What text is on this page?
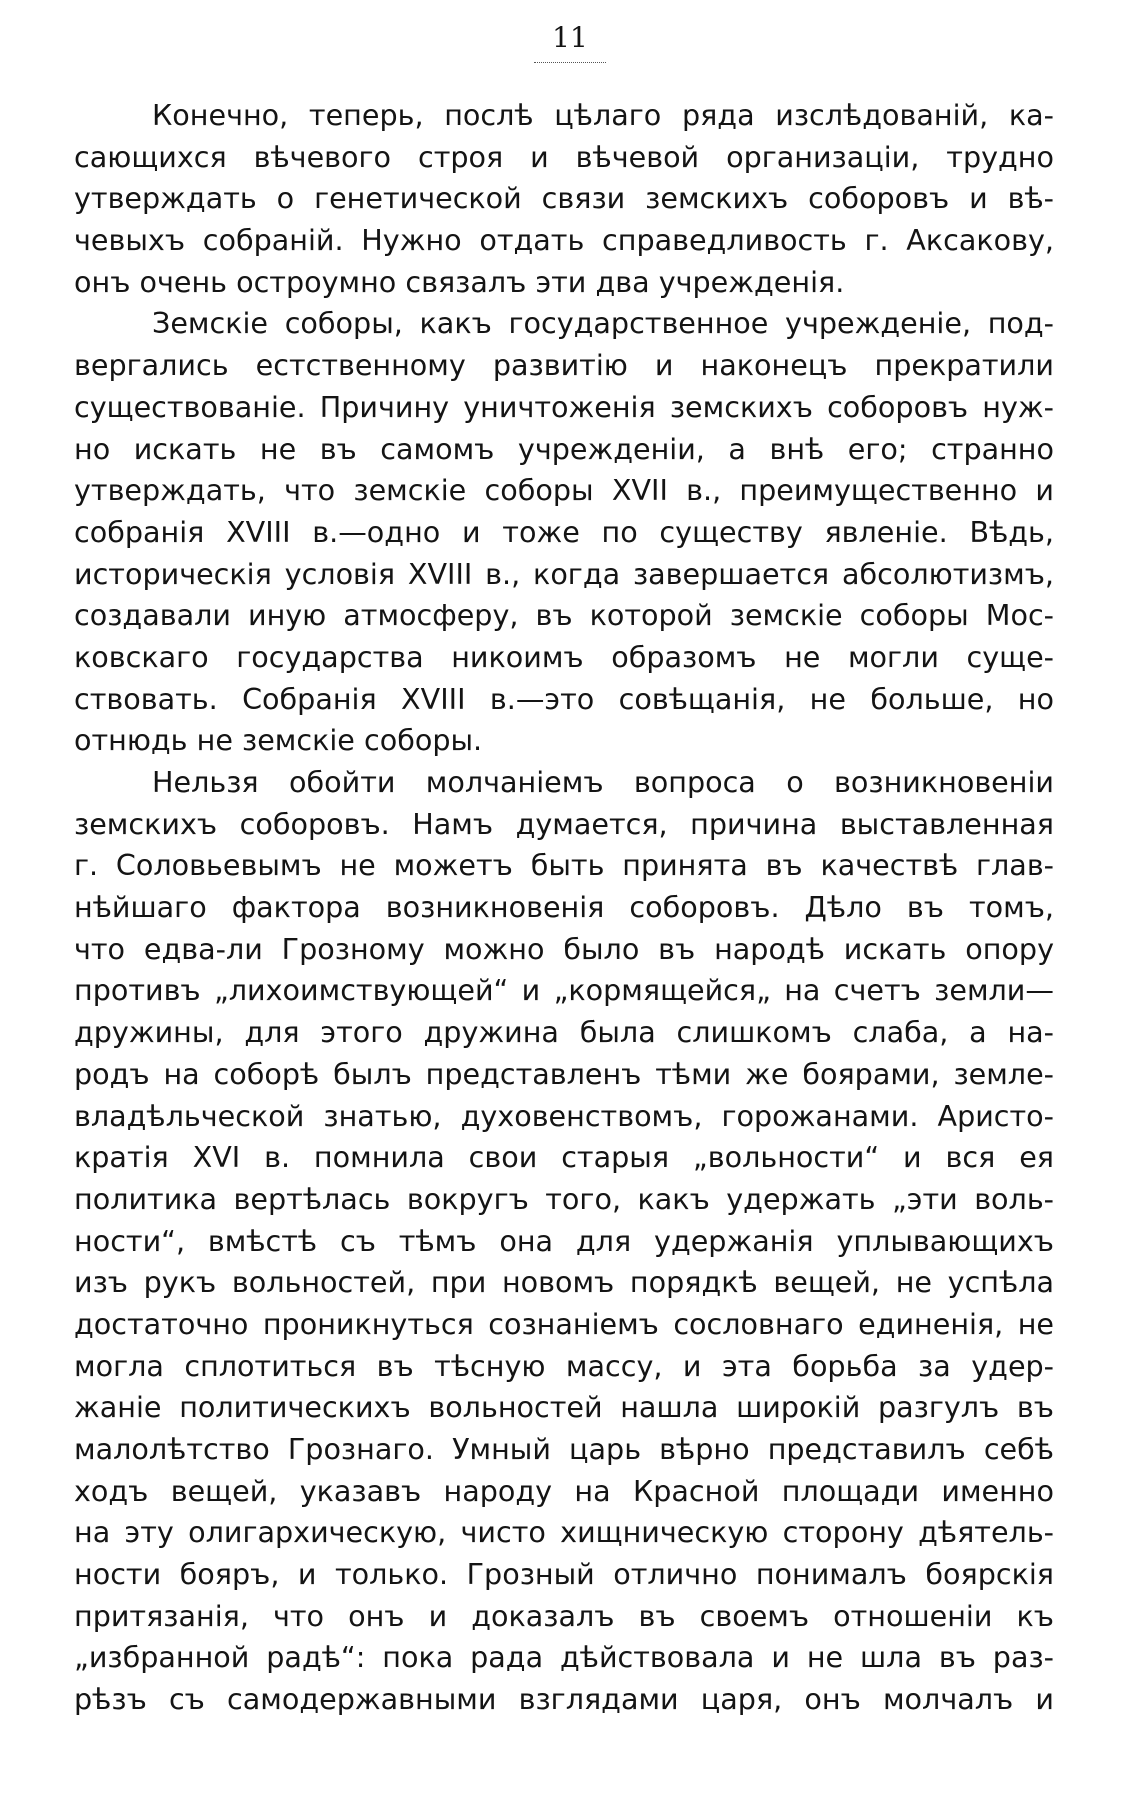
11
Конечно, теперь, послѣ цѣлаго ряда изслѣдованій, ка-
сающихся вѣчевого строя и вѣчевой организаціи, трудно
утверждать о генетической связи земскихъ соборовъ и вѣ-
чевыхъ собраній. Нужно отдать справедливость г. Аксакову,
онъ очень остроумно связалъ эти два учрежденія.
Земскіе соборы, какъ государственное учрежденіе, под-
вергались естственному развитію и наконецъ прекратили
существованіе. Причину уничтоженія земскихъ соборовъ нуж-
но искать не въ самомъ учрежденіи, а внѣ его; странно
утверждать, что земскіе соборы XVII в., преимущественно и
собранія XVIII в.—одно и тоже по существу явленіе. Вѣдь,
историческія условія XVIII в., когда завершается абсолютизмъ,
создавали иную атмосферу, въ которой земскіе соборы Мос-
ковскаго государства никоимъ образомъ не могли суще-
ствовать. Собранія XVIII в.—это совѣщанія, не больше, но
отнюдь не земскіе соборы.
Нельзя обойти молчаніемъ вопроса о возникновеніи
земскихъ соборовъ. Намъ думается, причина выставленная
г. Соловьевымъ не можетъ быть принята въ качествѣ глав-
нѣйшаго фактора возникновенія соборовъ. Дѣло въ томъ,
что едва-ли Грозному можно было въ народѣ искать опору
противъ „лихоимствующей“ и „кормящейся„ на счетъ земли—
дружины, для этого дружина была слишкомъ слаба, а на-
родъ на соборѣ былъ представленъ тѣми же боярами, земле-
владѣльческой знатью, духовенствомъ, горожанами. Аристо-
кратія XVI в. помнила свои старыя „вольности“ и вся ея
политика вертѣлась вокругъ того, какъ удержать „эти воль-
ности“, вмѣстѣ съ тѣмъ она для удержанія уплывающихъ
изъ рукъ вольностей, при новомъ порядкѣ вещей, не успѣла
достаточно проникнуться сознаніемъ сословнаго единенія, не
могла сплотиться въ тѣсную массу, и эта борьба за удер-
жаніе политическихъ вольностей нашла широкій разгулъ въ
малолѣтство Грознаго. Умный царь вѣрно представилъ себѣ
ходъ вещей, указавъ народу на Красной площади именно
на эту олигархическую, чисто хищническую сторону дѣятель-
ности бояръ, и только. Грозный отлично понималъ боярскія
притязанія, что онъ и доказалъ въ своемъ отношеніи къ
„избранной радѣ“: пока рада дѣйствовала и не шла въ раз-
рѣзъ съ самодержавными взглядами царя, онъ молчалъ и
